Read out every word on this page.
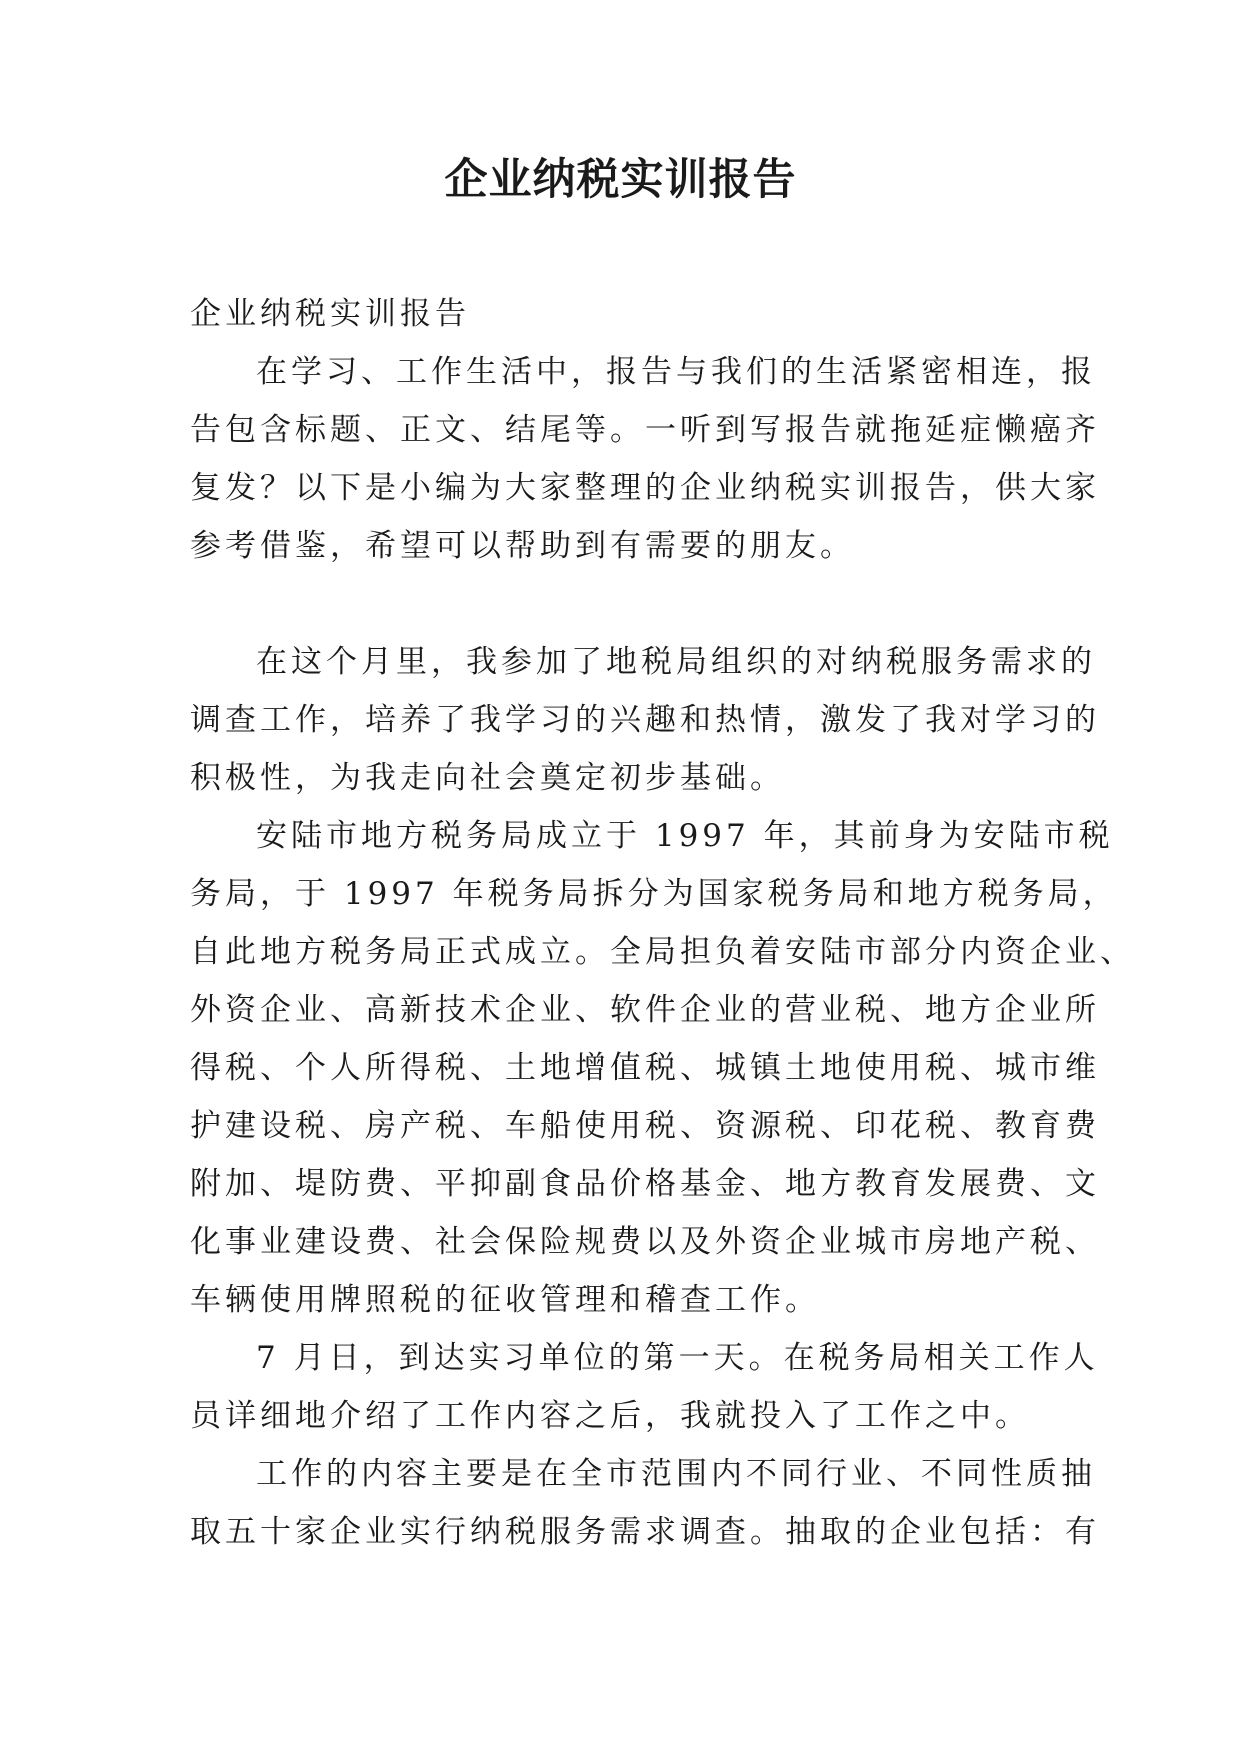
企业纳税实训报告
企业纳税实训报告
在学习、工作生活中，报告与我们的生活紧密相连，报
告包含标题、正文、结尾等。一听到写报告就拖延症懒癌齐
复发？以下是小编为大家整理的企业纳税实训报告，供大家
参考借鉴，希望可以帮助到有需要的朋友。
在这个月里，我参加了地税局组织的对纳税服务需求的
调查工作，培养了我学习的兴趣和热情，激发了我对学习的
积极性，为我走向社会奠定初步基础。
安陆市地方税务局成立于 1997 年，其前身为安陆市税
务局，于 1997 年税务局拆分为国家税务局和地方税务局，
自此地方税务局正式成立。全局担负着安陆市部分内资企业、
外资企业、高新技术企业、软件企业的营业税、地方企业所
得税、个人所得税、土地增值税、城镇土地使用税、城市维
护建设税、房产税、车船使用税、资源税、印花税、教育费
附加、堤防费、平抑副食品价格基金、地方教育发展费、文
化事业建设费、社会保险规费以及外资企业城市房地产税、
车辆使用牌照税的征收管理和稽查工作。
7 月日，到达实习单位的第一天。在税务局相关工作人
员详细地介绍了工作内容之后，我就投入了工作之中。
工作的内容主要是在全市范围内不同行业、不同性质抽
取五十家企业实行纳税服务需求调查。抽取的企业包括：有
